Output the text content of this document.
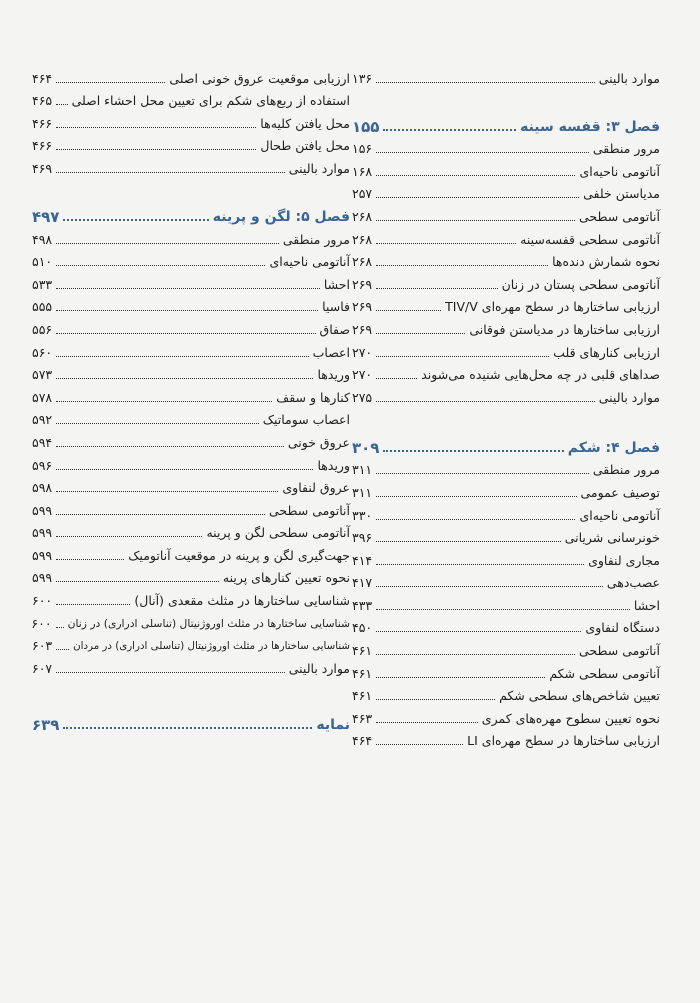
موارد بالینی
۱۳۶
فصل ۳: قفسه سینه
۱۵۵
مرور منطقی
۱۵۶
آناتومی ناحیه‌ای
۱۶۸
مدیاستن خلفی
۲۵۷
آناتومی سطحی
۲۶۸
آناتومی سطحی قفسه‌سینه
۲۶۸
نحوه شمارش دنده‌ها
۲۶۸
آناتومی سطحی پستان در زنان
۲۶۹
ارزیابی ساختارها در سطح مهره‌ای TIV/V
۲۶۹
ارزیابی ساختارها در مدیاستن فوقانی
۲۶۹
ارزیابی کنارهای قلب
۲۷۰
صداهای قلبی در چه محل‌هایی شنیده می‌شوند
۲۷۰
موارد بالینی
۲۷۵
فصل ۴: شکم
۳۰۹
مرور منطقی
۳۱۱
توصیف عمومی
۳۱۱
آناتومی ناحیه‌ای
۳۳۰
خونرسانی شریانی
۳۹۶
مجاری لنفاوی
۴۱۴
عصب‌دهی
۴۱۷
احشا
۴۳۳
دستگاه لنفاوی
۴۵۰
آناتومی سطحی
۴۶۱
آناتومی سطحی شکم
۴۶۱
تعیین شاخص‌های سطحی شکم
۴۶۱
نحوه تعیین سطوح مهره‌های کمری
۴۶۳
ارزیابی ساختارها در سطح مهره‌ای LI
۴۶۴
ارزیابی موقعیت عروق خونی اصلی
۴۶۴
استفاده از ربع‌های شکم برای تعیین محل احشاء اصلی
۴۶۵
محل یافتن کلیه‌ها
۴۶۶
محل یافتن طحال
۴۶۶
موارد بالینی
۴۶۹
فصل ۵: لگن و پرینه
۴۹۷
مرور منطقی
۴۹۸
آناتومی ناحیه‌ای
۵۱۰
احشا
۵۳۳
فاسیا
۵۵۵
صفاق
۵۵۶
اعصاب
۵۶۰
وریدها
۵۷۳
کنارها و سقف
۵۷۸
اعصاب سوماتیک
۵۹۲
عروق خونی
۵۹۴
وریدها
۵۹۶
عروق لنفاوی
۵۹۸
آناتومی سطحی
۵۹۹
آناتومی سطحی لگن و پرینه
۵۹۹
جهت‌گیری لگن و پرینه در موقعیت آناتومیک
۵۹۹
نحوه تعیین کنارهای پرینه
۵۹۹
شناسایی ساختارها در مثلث مقعدی (آنال)
۶۰۰
شناسایی ساختارها در مثلث اوروژنیتال (تناسلی ادراری) در زنان
۶۰۰
شناسایی ساختارها در مثلث اوروژنیتال (تناسلی ادراری) در مردان
۶۰۳
موارد بالینی
۶۰۷
نمایه
۶۳۹
